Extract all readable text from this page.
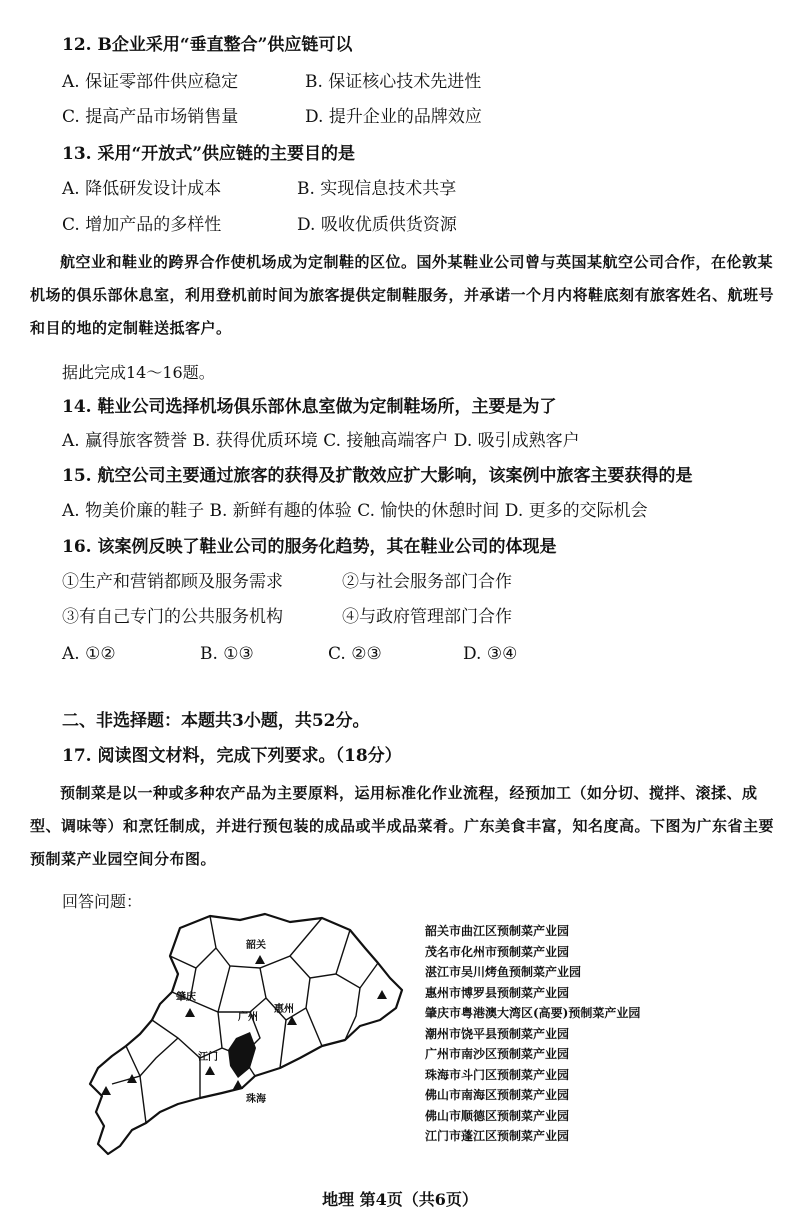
12. B企业采用“垂直整合”供应链可以
A. 保证零部件供应稳定	B. 保证核心技术先进性
C. 提高产品市场销售量	D. 提升企业的品牌效应
13. 采用“开放式”供应链的主要目的是
A. 降低研发设计成本	B. 实现信息技术共享
C. 增加产品的多样性	D. 吸收优质供货资源
航空业和鞋业的跨界合作使机场成为定制鞋的区位。国外某鞋业公司曾与英国某航空公司合作，在伦敦某机场的俱乐部休息室，利用登机前时间为旅客提供定制鞋服务，并承诺一个月内将鞋底刻有旅客姓名、航班号和目的地的定制鞋送抵客户。
据此完成14～16题。
14. 鞋业公司选择机场俱乐部休息室做为定制鞋场所，主要是为了
A. 赢得旅客赞誉 B. 获得优质环境 C. 接触高端客户 D. 吸引成熟客户
15. 航空公司主要通过旅客的获得及扩散效应扩大影响，该案例中旅客主要获得的是
A. 物美价廉的鞋子 B. 新鲜有趣的体验 C. 愉快的休憩时间 D. 更多的交际机会
16. 该案例反映了鞋业公司的服务化趋势，其在鞋业公司的体现是
①生产和营销都顾及服务需求	②与社会服务部门合作
③有自己专门的公共服务机构	④与政府管理部门合作
A. ①②	B. ①③	C. ②③	D. ③④
二、非选择题：本题共3小题，共52分。
17. 阅读图文材料，完成下列要求。（18分）
预制菜是以一种或多种农产品为主要原料，运用标准化作业流程，经预加工（如分切、搅拌、滚揉、成型、调味等）和烹饪制成，并进行预包装的成品或半成品菜肴。广东美食丰富，知名度高。下图为广东省主要预制菜产业园空间分布图。
回答问题：
韶关
肇庆
广州
惠州
江门
珠海
韶关市曲江区预制菜产业园
茂名市化州市预制菜产业园
湛江市吴川烤鱼预制菜产业园
惠州市博罗县预制菜产业园
肇庆市粤港澳大湾区(高要)预制菜产业园
潮州市饶平县预制菜产业园
广州市南沙区预制菜产业园
珠海市斗门区预制菜产业园
佛山市南海区预制菜产业园
佛山市顺德区预制菜产业园
江门市蓬江区预制菜产业园
地理 第4页（共6页）
